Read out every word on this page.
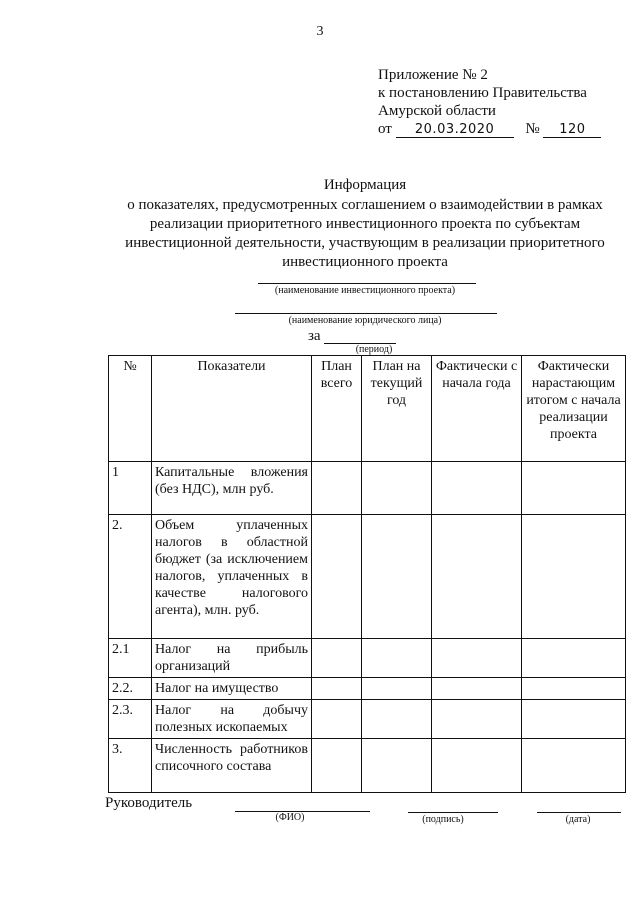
3
Приложение № 2
к постановлению Правительства
Амурской области
от 20.03.2020 № 120
Информация
о показателях, предусмотренных соглашением о взаимодействии в рамках реализации приоритетного инвестиционного проекта по субъектам инвестиционной деятельности, участвующим в реализации приоритетного инвестиционного проекта
(наименование инвестиционного проекта)
(наименование юридического лица)
за
(период)
№	Показатели	План всего	План на текущий год	Фактически с начала года	Фактически нарастающим итогом с начала реализации проекта
1	Капитальные вложения (без НДС), млн руб.				
2.	Объем уплаченных налогов в областной бюджет (за исключением налогов, уплаченных в качестве налогового агента), млн. руб.				
2.1	Налог на прибыль организаций				
2.2.	Налог на имущество				
2.3.	Налог на добычу полезных ископаемых				
3.	Численность работников списочного состава				
Руководитель
(ФИО)	(подпись)	(дата)
